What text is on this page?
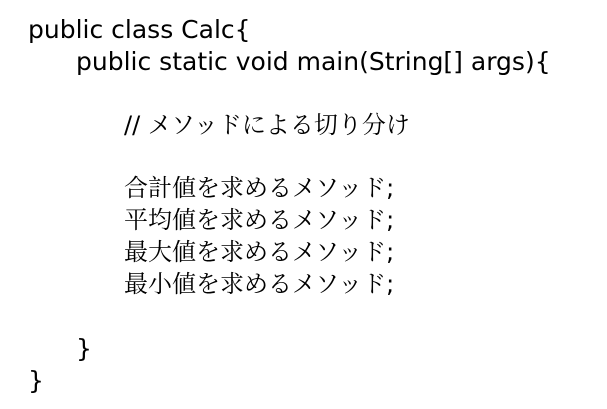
public class Calc{
public static void main(String[] args){
// メソッドによる切り分け
合計値を求めるメソッド;
平均値を求めるメソッド;
最大値を求めるメソッド;
最小値を求めるメソッド;
}
}
